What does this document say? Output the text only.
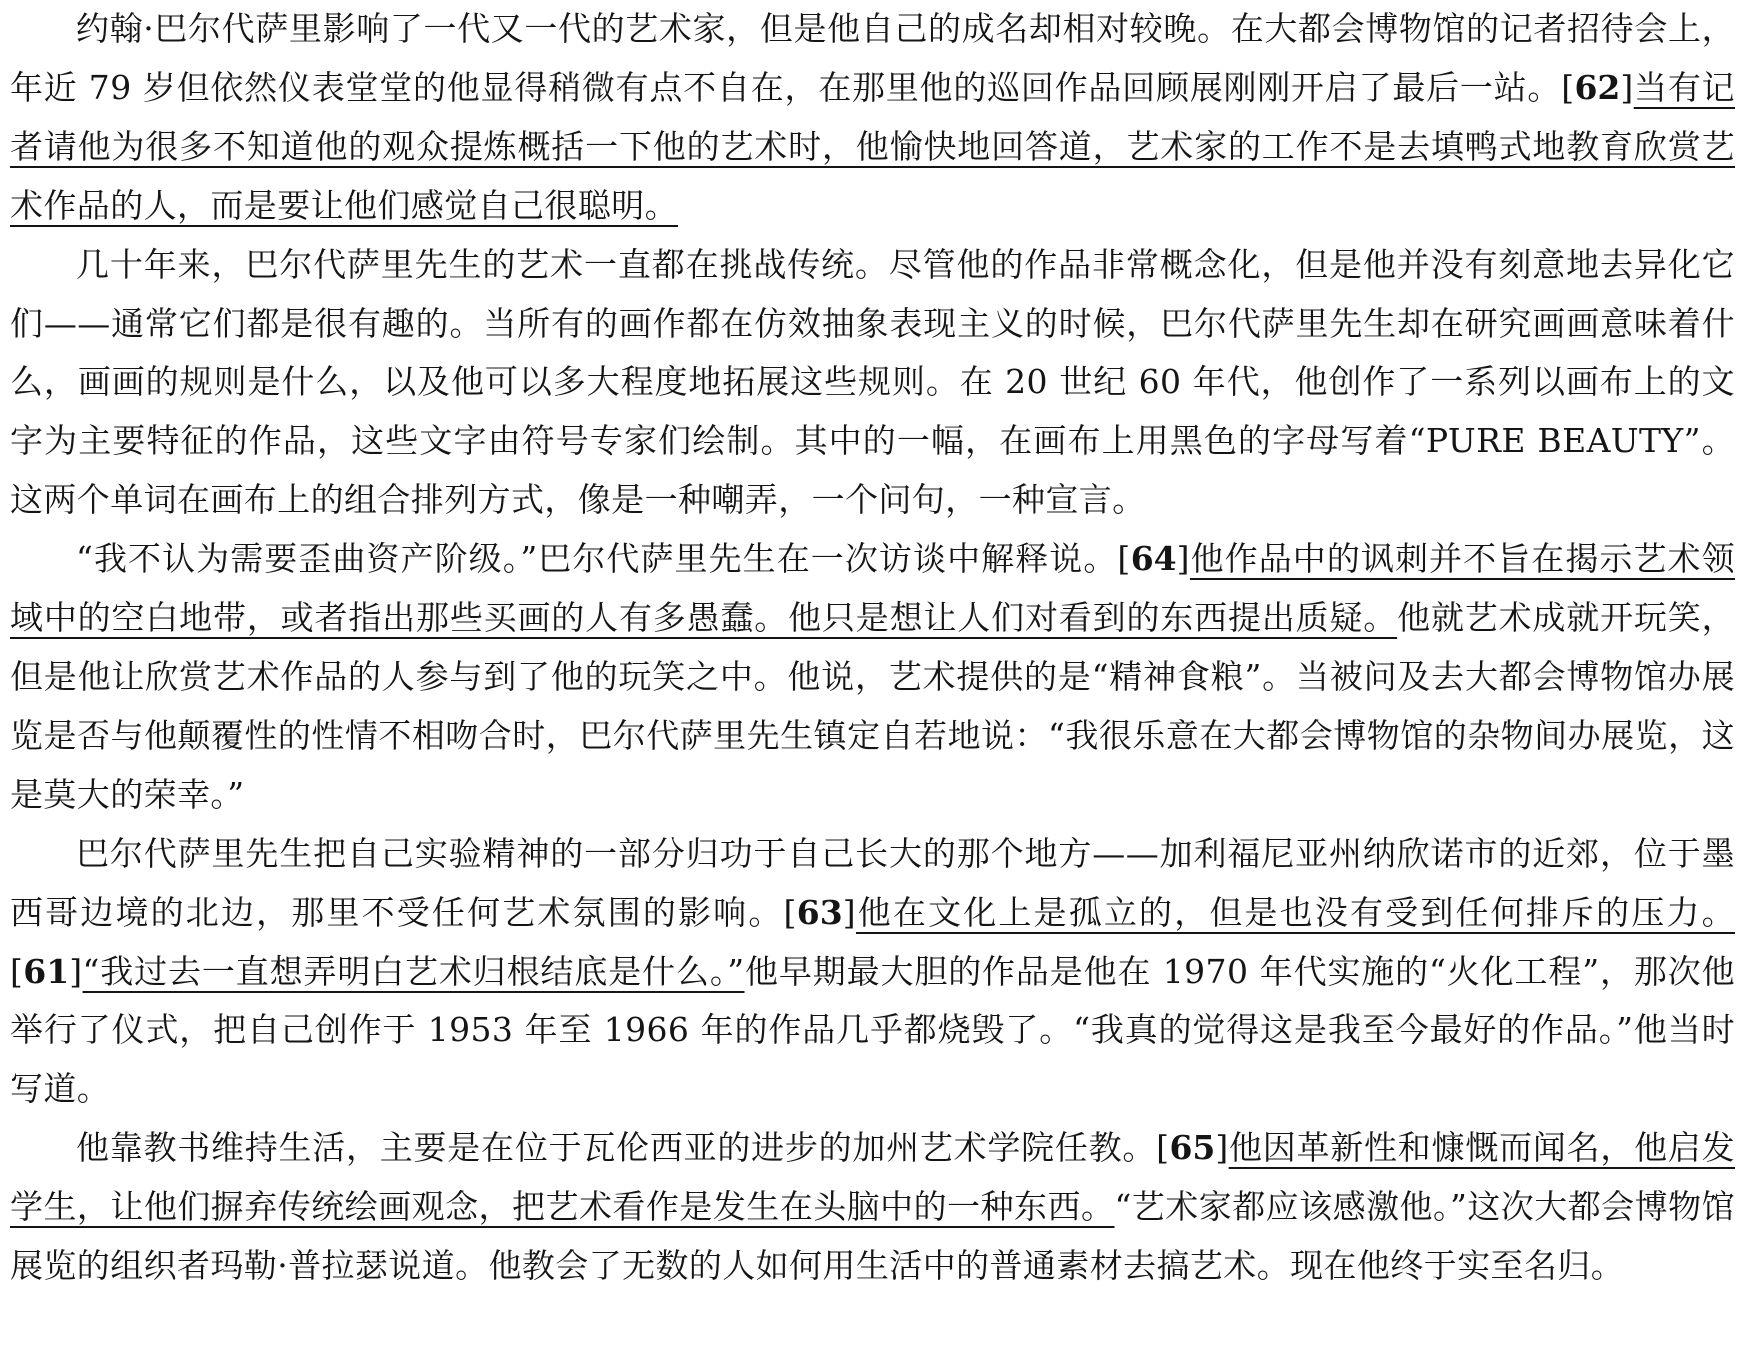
约翰·巴尔代萨里影响了一代又一代的艺术家，但是他自己的成名却相对较晚。在大都会博物馆的记者招待会上，年近 79 岁但依然仪表堂堂的他显得稍微有点不自在，在那里他的巡回作品回顾展刚刚开启了最后一站。[62]当有记者请他为很多不知道他的观众提炼概括一下他的艺术时，他愉快地回答道，艺术家的工作不是去填鸭式地教育欣赏艺术作品的人，而是要让他们感觉自己很聪明。

几十年来，巴尔代萨里先生的艺术一直都在挑战传统。尽管他的作品非常概念化，但是他并没有刻意地去异化它们——通常它们都是很有趣的。当所有的画作都在仿效抽象表现主义的时候，巴尔代萨里先生却在研究画画意味着什么，画画的规则是什么，以及他可以多大程度地拓展这些规则。在 20 世纪 60 年代，他创作了一系列以画布上的文字为主要特征的作品，这些文字由符号专家们绘制。其中的一幅，在画布上用黑色的字母写着“PURE BEAUTY”。这两个单词在画布上的组合排列方式，像是一种嘲弄，一个问句，一种宣言。

“我不认为需要歪曲资产阶级。”巴尔代萨里先生在一次访谈中解释说。[64]他作品中的讽刺并不旨在揭示艺术领域中的空白地带，或者指出那些买画的人有多愚蠢。他只是想让人们对看到的东西提出质疑。他就艺术成就开玩笑，但是他让欣赏艺术作品的人参与到了他的玩笑之中。他说，艺术提供的是“精神食粮”。当被问及去大都会博物馆办展览是否与他颠覆性的性情不相吻合时，巴尔代萨里先生镇定自若地说：“我很乐意在大都会博物馆的杂物间办展览，这是莫大的荣幸。”

巴尔代萨里先生把自己实验精神的一部分归功于自己长大的那个地方——加利福尼亚州纳欣诺市的近郊，位于墨西哥边境的北边，那里不受任何艺术氛围的影响。[63]他在文化上是孤立的，但是也没有受到任何排斥的压力。[61]“我过去一直想弄明白艺术归根结底是什么。”他早期最大胆的作品是他在 1970 年代实施的“火化工程”，那次他举行了仪式，把自己创作于 1953 年至 1966 年的作品几乎都烧毁了。“我真的觉得这是我至今最好的作品。”他当时写道。

他靠教书维持生活，主要是在位于瓦伦西亚的进步的加州艺术学院任教。[65]他因革新性和慷慨而闻名，他启发学生，让他们摒弃传统绘画观念，把艺术看作是发生在头脑中的一种东西。“艺术家都应该感激他。”这次大都会博物馆展览的组织者玛勒·普拉瑟说道。他教会了无数的人如何用生活中的普通素材去搞艺术。现在他终于实至名归。
